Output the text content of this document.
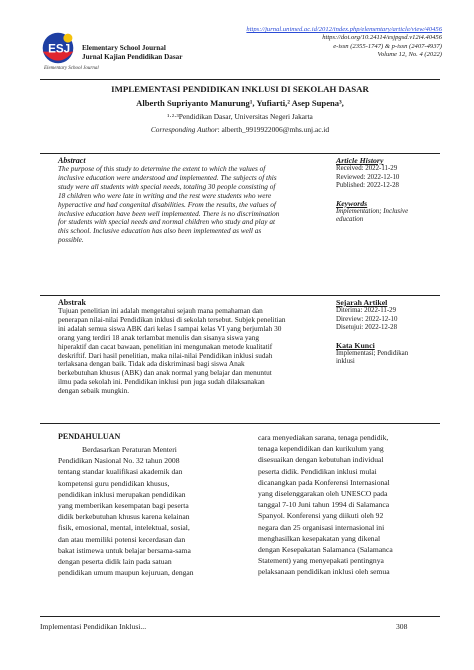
ESJ
Elementary School Journal
Elementary School Journal
Jurnal Kajian Pendidikan Dasar
https://jurnal.unimed.ac.id/2012/index.php/elementary/article/view/40456
https://doi.org/10.24114/esjpgsd.v12i4.40456
e-issn (2355-1747) & p-issn (2407-4937)
Volume 12, No. 4 (2022)
IMPLEMENTASI PENDIDIKAN INKLUSI DI SEKOLAH DASAR
Alberth Supriyanto Manurung¹, Yufiarti,² Asep Supena³,
¹·²·³Pendidikan Dasar, Universitas Negeri Jakarta
Corresponding Author: alberth_9919922006@mhs.unj.ac.id
Abstract
The purpose of this study to determine the extent to which the values of
inclusive education were understood and implemented. The subjects of this
study were all students with special needs, totaling 30 people consisting of
18 children who were late in writing and the rest were students who were
hyperactive and had congenital disabilities. From the results, the values of
inclusive education have been well implemented. There is no discrimination
for students with special needs and normal children who study and play at
this school. Inclusive education has also been implemented as well as
possible.
Article History
Received: 2022-11-29
Reviewed: 2022-12-10
Published: 2022-12-28
Keywords
Implementation; Inclusive
education
Abstrak
Tujuan penelitian ini adalah mengetahui sejauh mana pemahaman dan
penerapan nilai-nilai Pendidikan inklusi di sekolah tersebut. Subjek penelitian
ini adalah semua siswa ABK dari kelas I sampai kelas VI yang berjumlah 30
orang yang terdiri 18 anak terlambat menulis dan sisanya siswa yang
hiperaktif dan cacat bawaan, penelitian ini mengunakan metode kualitatif
deskriftif. Dari hasil penelitian, maka nilai-nilai Pendidikan inklusi sudah
terlaksana dengan baik. Tidak ada diskriminasi bagi siswa Anak
berkebutuhan khusus (ABK) dan anak normal yang belajar dan menuntut
ilmu pada sekolah ini. Pendidikan inklusi pun juga sudah dilaksanakan
dengan sebaik mungkin.
Sejarah Artikel
Diterima: 2022-11-29
Direview: 2022-12-10
Disetujui: 2022-12-28
Kata Kunci
Implementasi; Pendidikan
inklusi
PENDAHULUAN
Berdasarkan Peraturan Menteri
Pendidikan Nasional No. 32 tahun 2008
tentang standar kualifikasi akademik dan
kompetensi guru pendidikan khusus,
pendidikan inklusi merupakan pendidikan
yang memberikan kesempatan bagi peserta
didik berkebutuhan khusus karena kelainan
fisik, emosional, mental, intelektual, sosial,
dan atau memiliki potensi kecerdasan dan
bakat istimewa untuk belajar bersama-sama
dengan peserta didik lain pada satuan
pendidikan umum maupun kejuruan, dengan
cara menyediakan sarana, tenaga pendidik,
tenaga kependidikan dan kurikulum yang
disesuaikan dengan kebutuhan individual
peserta didik. Pendidikan inklusi mulai
dicanangkan pada Konferensi Internasional
yang diselenggarakan oleh UNESCO pada
tanggal 7-10 Juni tahun 1994 di Salamanca
Spanyol. Konferensi yang diikuti oleh 92
negara dan 25 organisasi internasional ini
menghasilkan kesepakatan yang dikenal
dengan Kesepakatan Salamanca (Salamanca
Statement) yang menyepakati pentingnya
pelaksanaan pendidikan inklusi oleh semua
Implementasi Pendidikan Inklusi...	308
